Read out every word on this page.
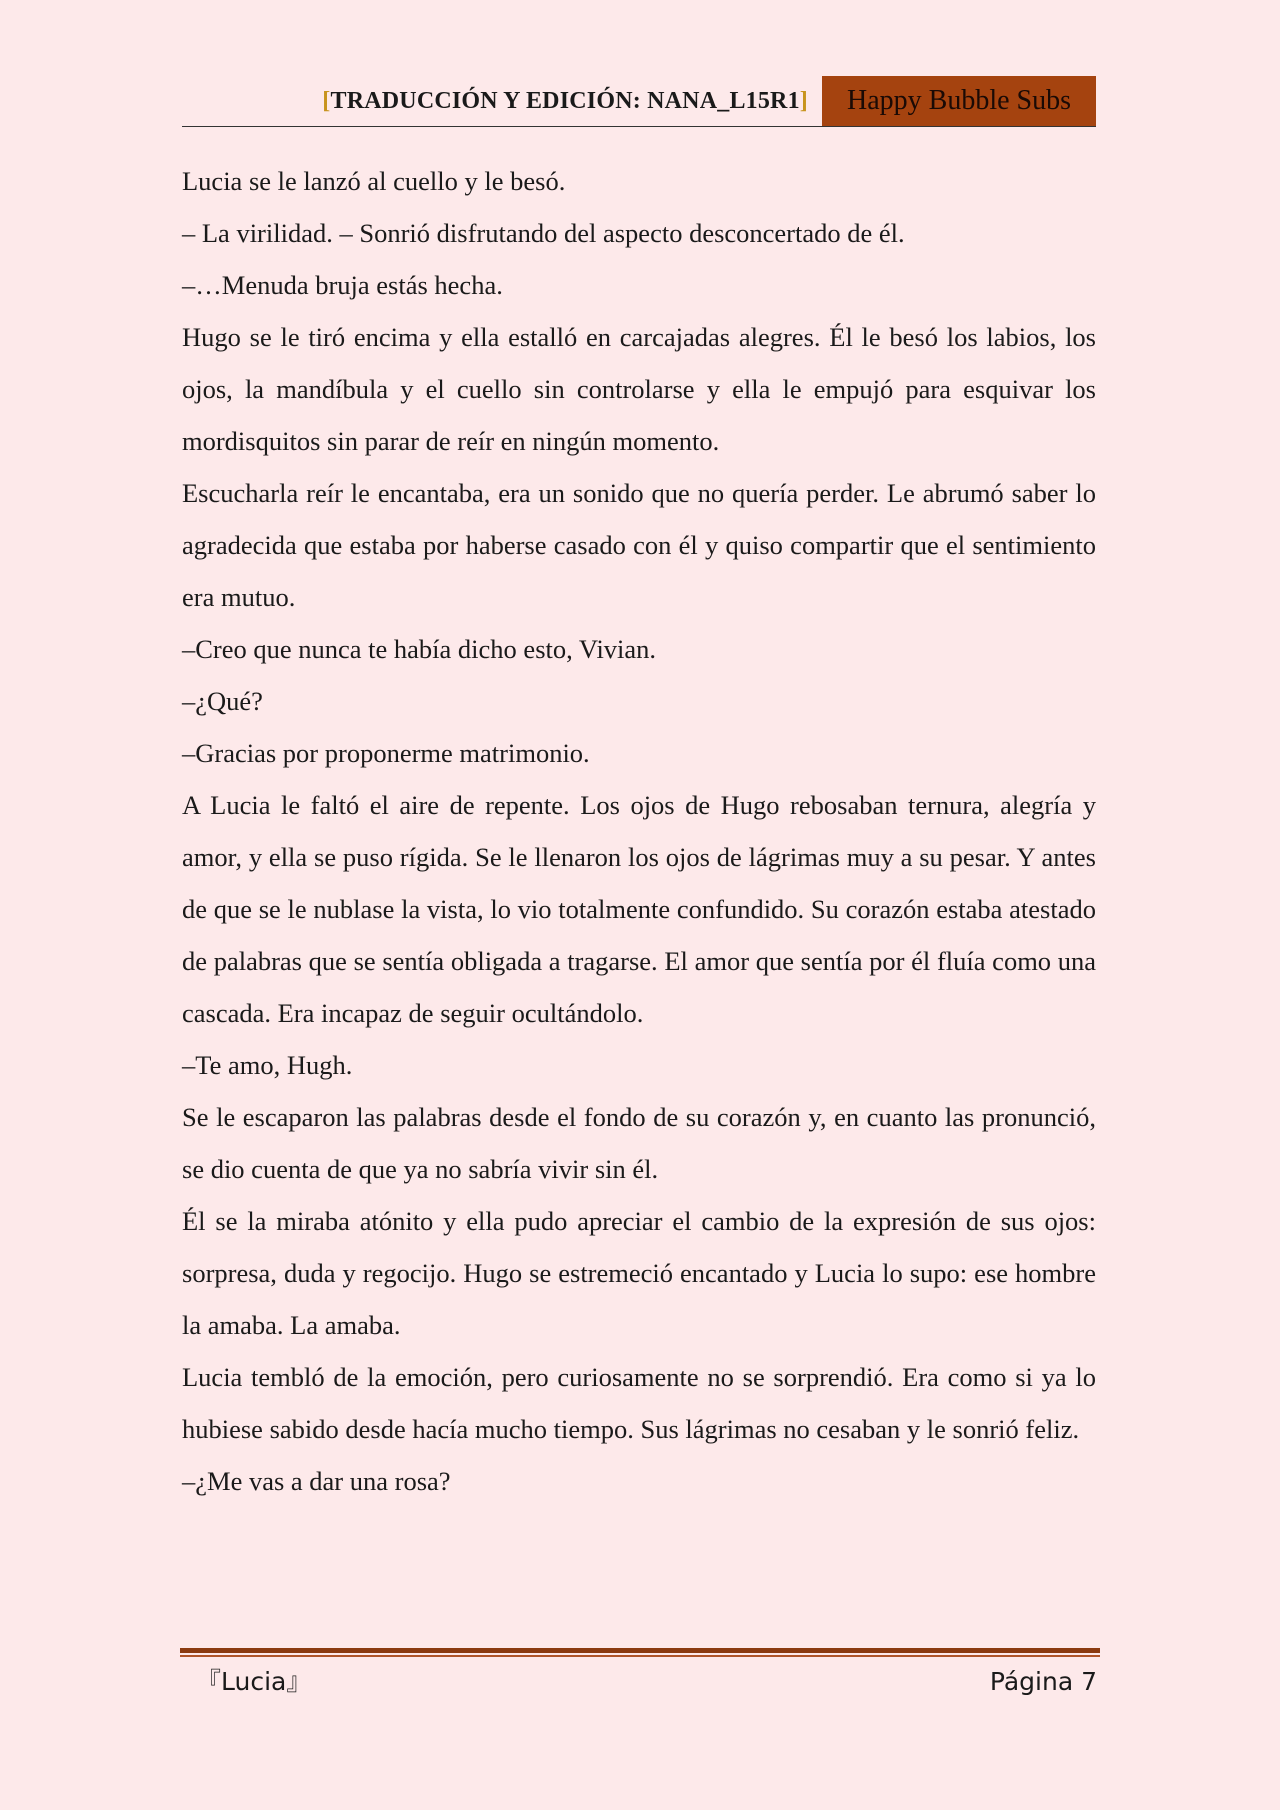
[TRADUCCIÓN Y EDICIÓN: NANA_L15R1]	Happy Bubble Subs

Lucia se le lanzó al cuello y le besó.

– La virilidad. – Sonrió disfrutando del aspecto desconcertado de él.

–…Menuda bruja estás hecha.

Hugo se le tiró encima y ella estalló en carcajadas alegres. Él le besó los labios, los ojos, la mandíbula y el cuello sin controlarse y ella le empujó para esquivar los mordisquitos sin parar de reír en ningún momento.

Escucharla reír le encantaba, era un sonido que no quería perder. Le abrumó saber lo agradecida que estaba por haberse casado con él y quiso compartir que el sentimiento era mutuo.

–Creo que nunca te había dicho esto, Vivian.

–¿Qué?

–Gracias por proponerme matrimonio.

A Lucia le faltó el aire de repente. Los ojos de Hugo rebosaban ternura, alegría y amor, y ella se puso rígida. Se le llenaron los ojos de lágrimas muy a su pesar. Y antes de que se le nublase la vista, lo vio totalmente confundido. Su corazón estaba atestado de palabras que se sentía obligada a tragarse. El amor que sentía por él fluía como una cascada. Era incapaz de seguir ocultándolo.

–Te amo, Hugh.

Se le escaparon las palabras desde el fondo de su corazón y, en cuanto las pronunció, se dio cuenta de que ya no sabría vivir sin él.

Él se la miraba atónito y ella pudo apreciar el cambio de la expresión de sus ojos: sorpresa, duda y regocijo. Hugo se estremeció encantado y Lucia lo supo: ese hombre la amaba. La amaba.

Lucia tembló de la emoción, pero curiosamente no se sorprendió. Era como si ya lo hubiese sabido desde hacía mucho tiempo. Sus lágrimas no cesaban y le sonrió feliz.

–¿Me vas a dar una rosa?

『Lucia』	Página 7
